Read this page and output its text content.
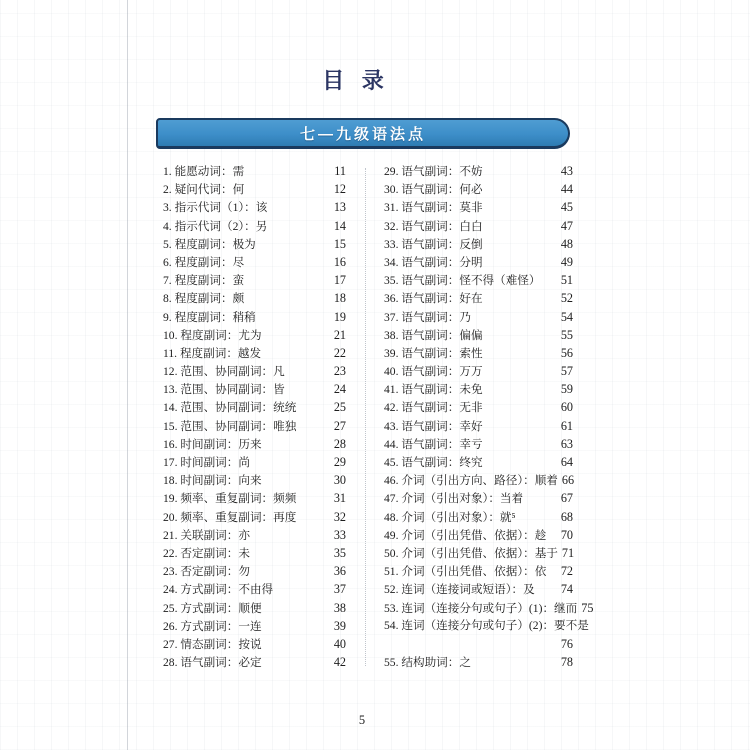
目 录
七—九级语法点
1. 能愿动词：需	11
2. 疑问代词：何	12
3. 指示代词（1）：该	13
4. 指示代词（2）：另	14
5. 程度副词：极为	15
6. 程度副词：尽	16
7. 程度副词：蛮	17
8. 程度副词：颇	18
9. 程度副词：稍稍	19
10. 程度副词：尤为	21
11. 程度副词：越发	22
12. 范围、协同副词：凡	23
13. 范围、协同副词：皆	24
14. 范围、协同副词：统统	25
15. 范围、协同副词：唯独	27
16. 时间副词：历来	28
17. 时间副词：尚	29
18. 时间副词：向来	30
19. 频率、重复副词：频频	31
20. 频率、重复副词：再度	32
21. 关联副词：亦	33
22. 否定副词：未	35
23. 否定副词：勿	36
24. 方式副词：不由得	37
25. 方式副词：顺便	38
26. 方式副词：一连	39
27. 情态副词：按说	40
28. 语气副词：必定	42
29. 语气副词：不妨	43
30. 语气副词：何必	44
31. 语气副词：莫非	45
32. 语气副词：白白	47
33. 语气副词：反倒	48
34. 语气副词：分明	49
35. 语气副词：怪不得（难怪）	51
36. 语气副词：好在	52
37. 语气副词：乃	54
38. 语气副词：偏偏	55
39. 语气副词：索性	56
40. 语气副词：万万	57
41. 语气副词：未免	59
42. 语气副词：无非	60
43. 语气副词：幸好	61
44. 语气副词：幸亏	63
45. 语气副词：终究	64
46. 介词（引出方向、路径）：顺着 66
47. 介词（引出对象）：当着	67
48. 介词（引出对象）：就⁵	68
49. 介词（引出凭借、依据）：趁	70
50. 介词（引出凭借、依据）：基于 71
51. 介词（引出凭借、依据）：依	72
52. 连词（连接词或短语）：及	74
53. 连词（连接分句或句子）(1)：继而 75
54. 连词（连接分句或句子）(2)：要不是
76
55. 结构助词：之	78
5
